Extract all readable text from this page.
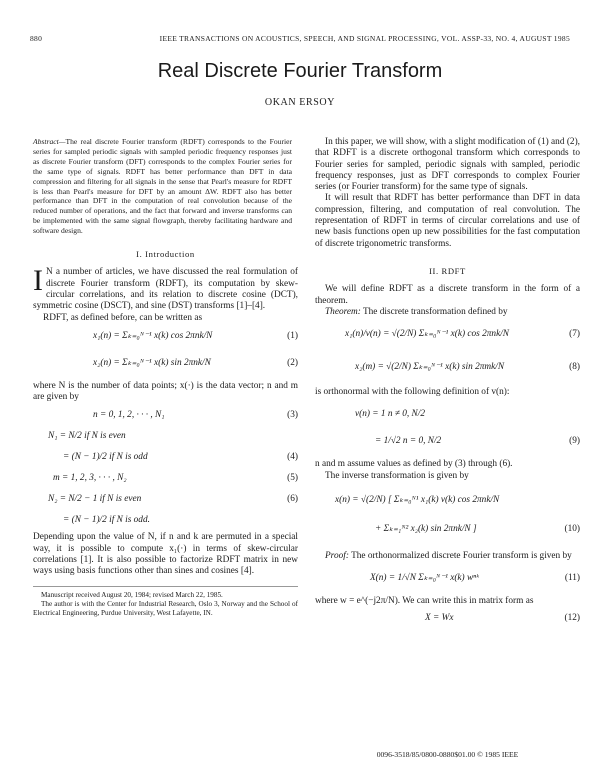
880	IEEE TRANSACTIONS ON ACOUSTICS, SPEECH, AND SIGNAL PROCESSING, VOL. ASSP-33, NO. 4, AUGUST 1985
Real Discrete Fourier Transform
OKAN ERSOY

Abstract—The real discrete Fourier transform (RDFT) corresponds to the Fourier series for sampled periodic signals with sampled periodic frequency responses just as discrete Fourier transform (DFT) corresponds to the complex Fourier series for the same type of signals. RDFT has better performance than DFT in data compression and filtering for all signals in the sense that Pearl's measure for RDFT is less than Pearl's measure for DFT by an amount ΔW. RDFT also has better performance than DFT in the computation of real convolution because of the reduced number of operations, and the fact that forward and inverse transforms can be implemented with the same signal flowgraph, thereby facilitating hardware and software design.

I. Introduction

I N a number of articles, we have discussed the real formulation of discrete Fourier transform (RDFT), its computation by skew-circular correlations, and its relation to discrete cosine (DCT), symmetric cosine (DSCT), and sine (DST) transforms [1]–[4].

RDFT, as defined before, can be written as

x₁(n) = Σₖ₌₀ᴺ⁻¹ x(k) cos 2πnk/N	(1)
x₂(n) = Σₖ₌₀ᴺ⁻¹ x(k) sin 2πnk/N	(2)

where N is the number of data points; x(·) is the data vector; n and m are given by

n = 0, 1, 2, · · · , N₁	(3)
N₁ = N/2 if N is even
= (N − 1)/2 if N is odd	(4)
m = 1, 2, 3, · · · , N₂	(5)
N₂ = N/2 − 1 if N is even	(6)
= (N − 1)/2 if N is odd.

Depending upon the value of N, if n and k are permuted in a special way, it is possible to compute x₁(·) in terms of skew-circular correlations [1]. It is also possible to factorize RDFT matrix in new ways using basis functions other than sines and cosines [4].

Manuscript received August 20, 1984; revised March 22, 1985.

The author is with the Center for Industrial Research, Oslo 3, Norway and the School of Electrical Engineering, Purdue University, West Lafayette, IN.

In this paper, we will show, with a slight modification of (1) and (2), that RDFT is a discrete orthogonal transform which corresponds to Fourier series for sampled, periodic signals with sampled, periodic frequency responses, just as DFT corresponds to complex Fourier series (or Fourier transform) for the same type of signals.

It will result that RDFT has better performance than DFT in data compression, filtering, and computation of real convolution. The representation of RDFT in terms of circular correlations and use of new basis functions open up new possibilities for the fast computation of discrete trigonometric transforms.

II. RDFT

We will define RDFT as a discrete transform in the form of a theorem.

Theorem: The discrete transformation defined by

x₁(n)/v(n) = √(2/N) Σₖ₌₀ᴺ⁻¹ x(k) cos 2πnk/N	(7)
x₂(m) = √(2/N) Σₖ₌₀ᴺ⁻¹ x(k) sin 2πmk/N	(8)

is orthonormal with the following definition of v(n):

v(n) = 1 n ≠ 0, N/2
= 1/√2 n = 0, N/2	(9)

n and m assume values as defined by (3) through (6).

The inverse transformation is given by

x(n) = √(2/N) [ Σₖ₌₀ᴺ¹ x₁(k) v(k) cos 2πnk/N
+ Σₖ₌₁ᴺ² x₂(k) sin 2πnk/N ]	(10)

Proof: The orthonormalized discrete Fourier transform is given by

X(n) = 1/√N Σₖ₌₀ᴺ⁻¹ x(k) wⁿᵏ	(11)

where w = e^(−j2π/N). We can write this in matrix form as

X = Wx	(12)
0096-3518/85/0800-0880$01.00 © 1985 IEEE
